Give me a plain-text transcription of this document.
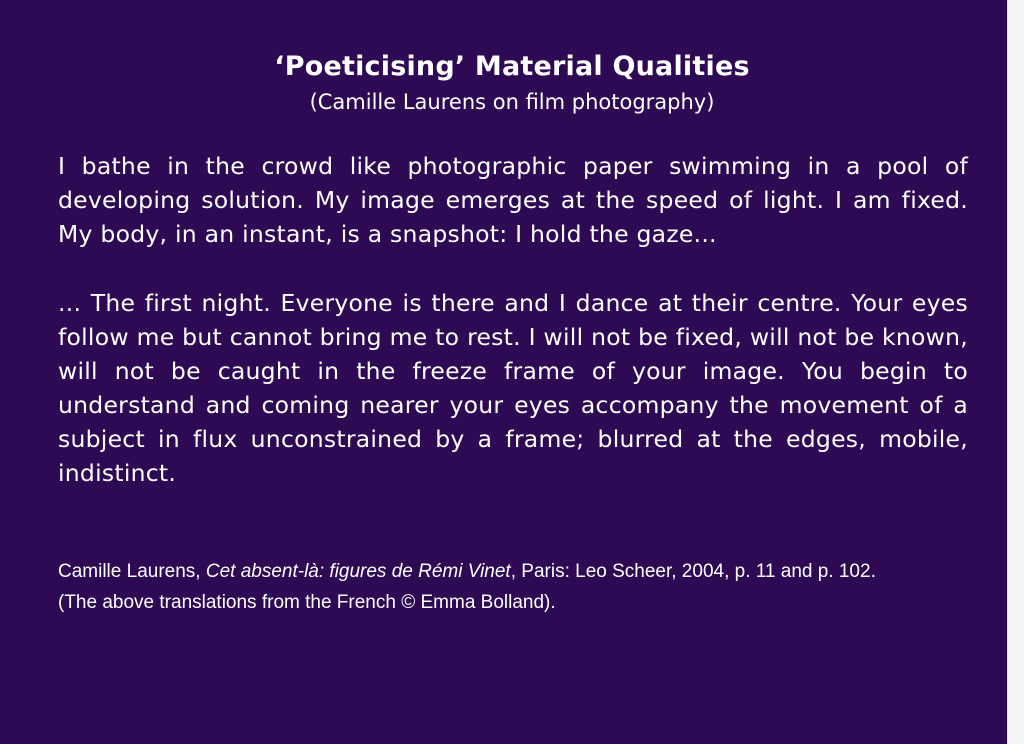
‘Poeticising’ Material Qualities
(Camille Laurens on film photography)
I bathe in the crowd like photographic paper swimming in a pool of developing solution. My image emerges at the speed of light. I am fixed. My body, in an instant, is a snapshot: I hold the gaze...
... The first night. Everyone is there and I dance at their centre. Your eyes follow me but cannot bring me to rest. I will not be fixed, will not be known, will not be caught in the freeze frame of your image. You begin to understand and coming nearer your eyes accompany the movement of a subject in flux unconstrained by a frame; blurred at the edges, mobile, indistinct.
Camille Laurens, Cet absent-là: figures de Rémi Vinet, Paris: Leo Scheer, 2004, p. 11 and p. 102.
(The above translations from the French © Emma Bolland).
